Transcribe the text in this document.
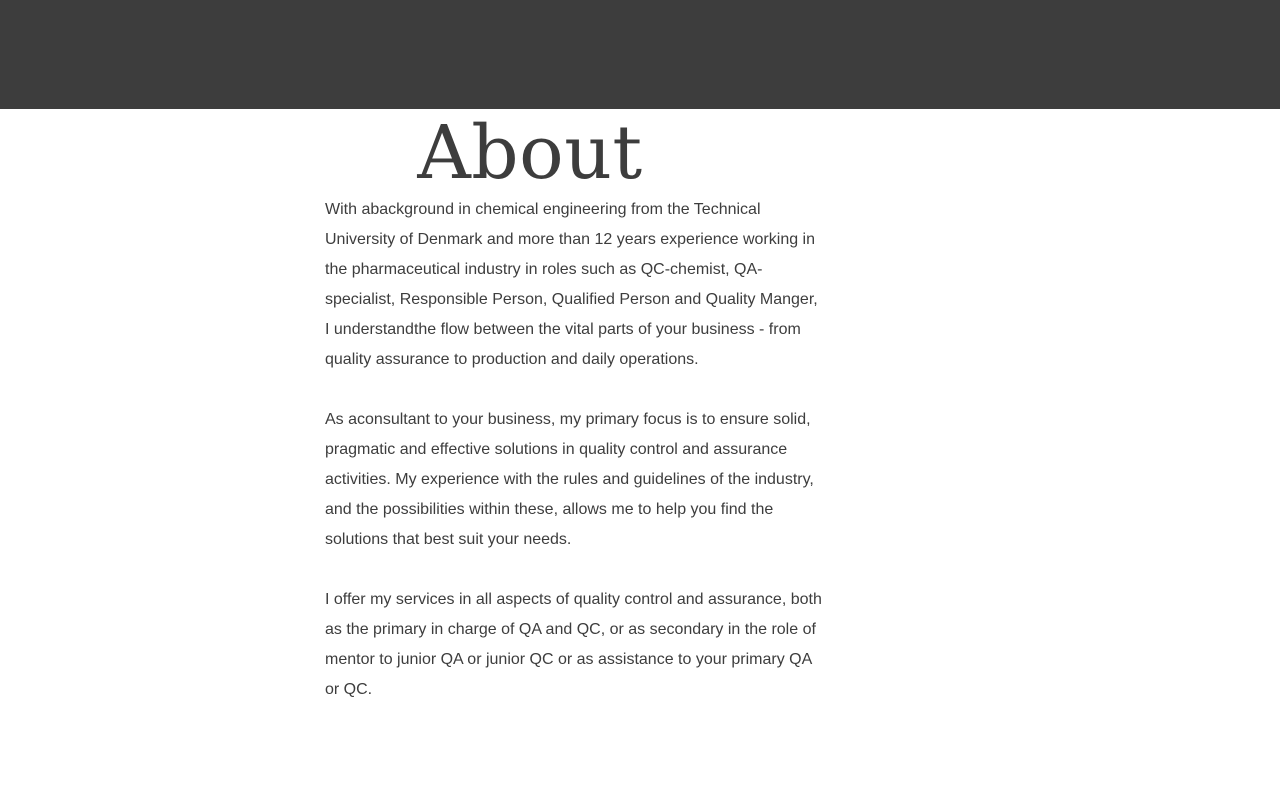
About

With abackground in chemical engineering from the Technical University of Denmark and more than 12 years experience working in the pharmaceutical industry in roles such as QC-chemist, QA-specialist, Responsible Person, Qualified Person and Quality Manger, I understandthe flow between the vital parts of your business - from quality assurance to production and daily operations.

As aconsultant to your business, my primary focus is to ensure solid, pragmatic and effective solutions in quality control and assurance activities. My experience with the rules and guidelines of the industry, and the possibilities within these, allows me to help you find the solutions that best suit your needs.

I offer my services in all aspects of quality control and assurance, both as the primary in charge of QA and QC, or as secondary in the role of mentor to junior QA or junior QC or as assistance to your primary QA or QC.
